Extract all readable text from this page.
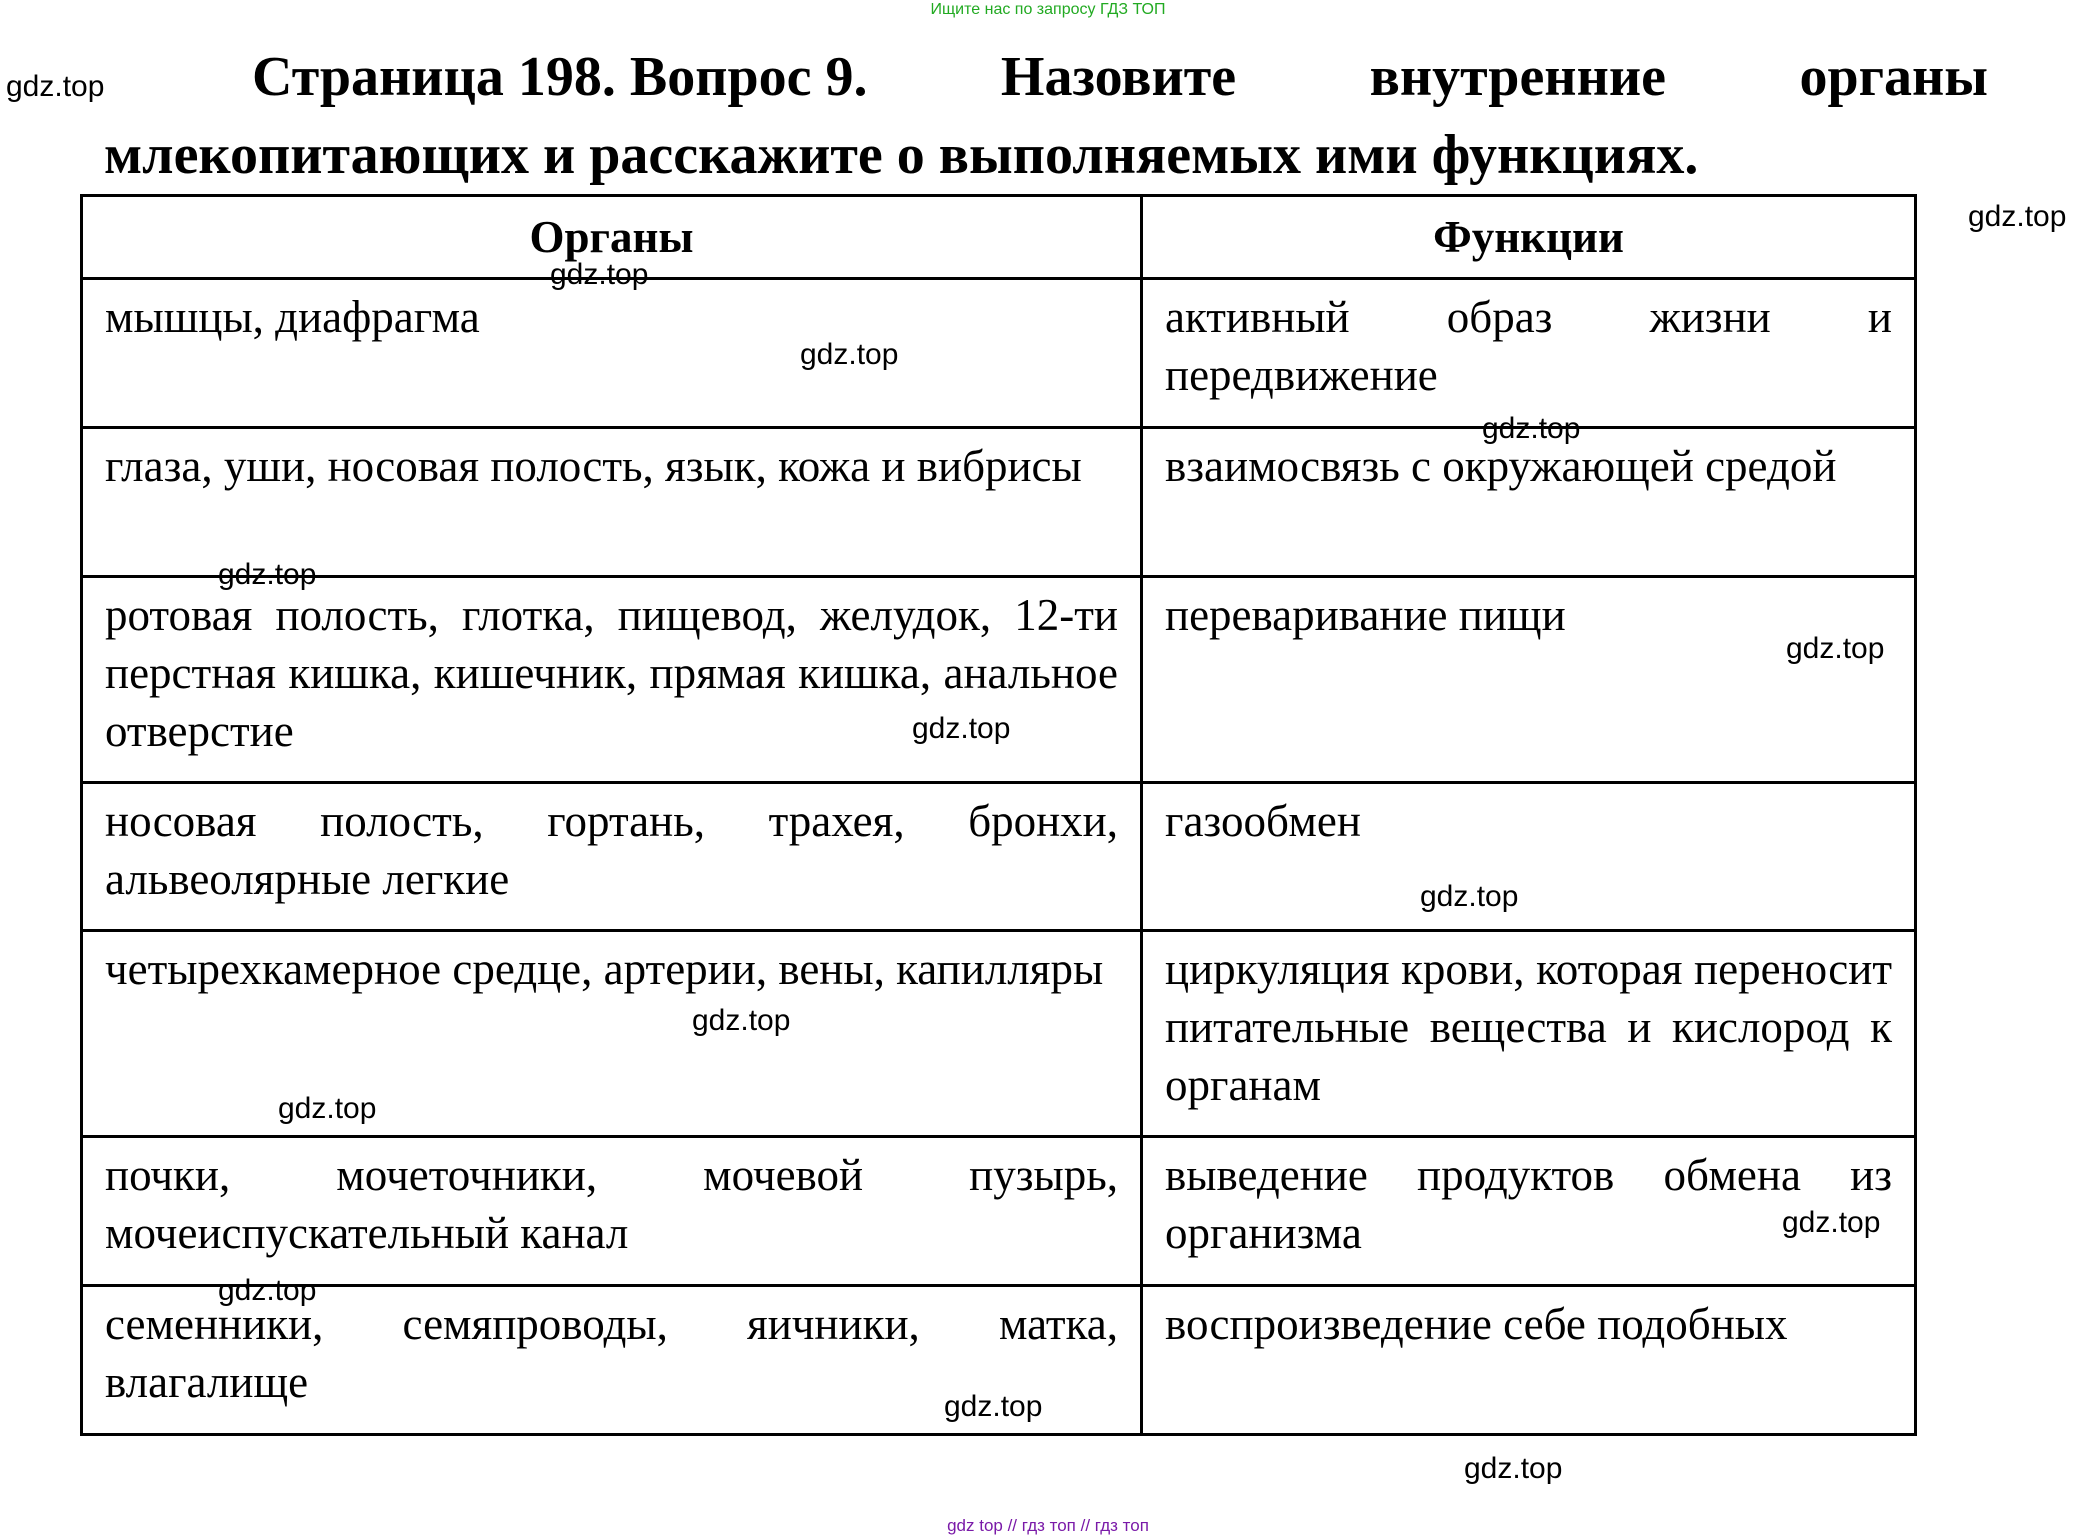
Ищите нас по запросу ГДЗ ТОП
Страница 198. Вопрос 9. Назовите внутренние органы
млекопитающих и расскажите о выполняемых ими функциях.
Органы	Функции
мышцы, диафрагма	активный образ жизни и передвижение
глаза, уши, носовая полость, язык, кожа и вибрисы	взаимосвязь с окружающей средой
ротовая полость, глотка, пищевод, желудок, 12-ти перстная кишка, кишечник, прямая кишка, анальное отверстие	переваривание пищи
носовая полость, гортань, трахея, бронхи, альвеолярные легкие	газообмен
четырехкамерное средце, артерии, вены, капилляры	циркуляция крови, которая переносит питательные вещества и кислород к органам
почки, мочеточники, мочевой пузырь, мочеиспускательный канал	выведение продуктов обмена из организма
семенники, семяпроводы, яичники, матка, влагалище	воспроизведение себе подобных
gdz.top
gdz.top
gdz.top
gdz.top
gdz.top
gdz.top
gdz.top
gdz.top
gdz.top
gdz.top
gdz.top
gdz.top
gdz.top
gdz.top
gdz.top
gdz top // гдз топ // гдз топ
